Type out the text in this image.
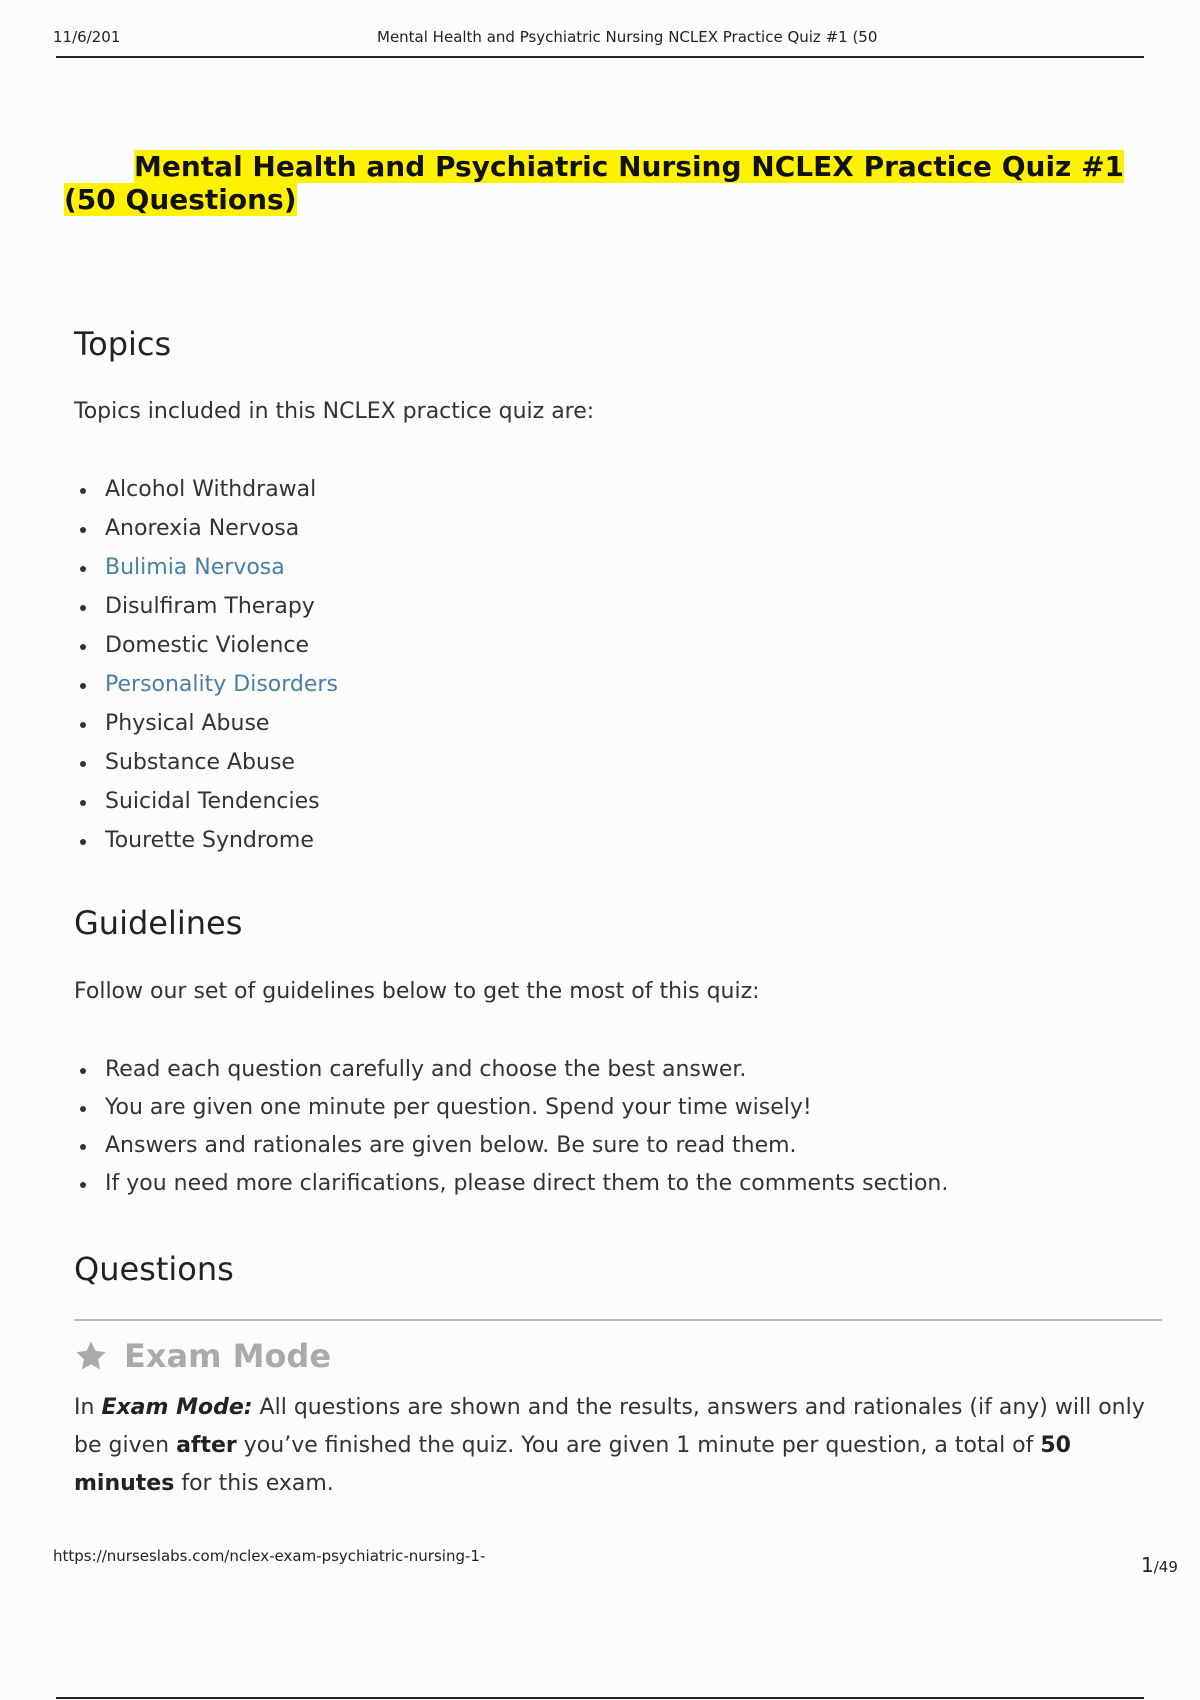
11/6/201	Mental Health and Psychiatric Nursing NCLEX Practice Quiz #1 (50
Mental Health and Psychiatric Nursing NCLEX Practice Quiz #1 (50 Questions)
Topics

Topics included in this NCLEX practice quiz are:

Alcohol Withdrawal
Anorexia Nervosa
Bulimia Nervosa
Disulfiram Therapy
Domestic Violence
Personality Disorders
Physical Abuse
Substance Abuse
Suicidal Tendencies
Tourette Syndrome
Guidelines

Follow our set of guidelines below to get the most of this quiz:

Read each question carefully and choose the best answer.
You are given one minute per question. Spend your time wisely!
Answers and rationales are given below. Be sure to read them.
If you need more clarifications, please direct them to the comments section.
Questions
Exam Mode

In Exam Mode: All questions are shown and the results, answers and rationales (if any) will only be given after you’ve finished the quiz. You are given 1 minute per question, a total of 50 minutes for this exam.

https://nurseslabs.com/nclex-exam-psychiatric-nursing-1-	1/49
